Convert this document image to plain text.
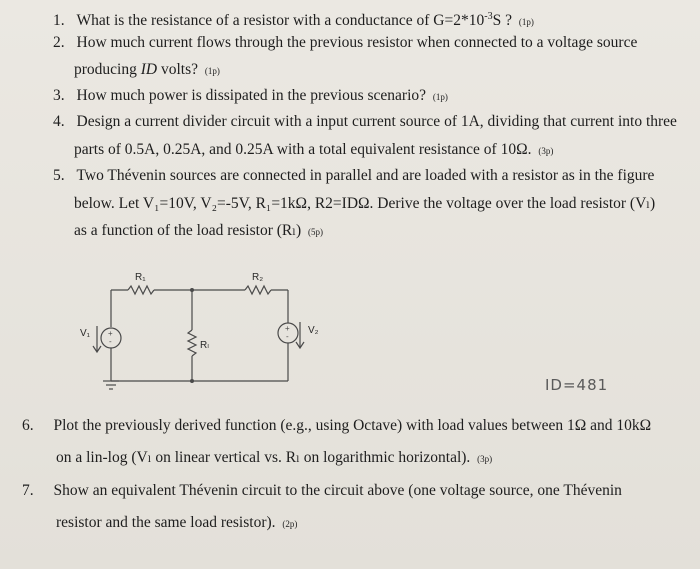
1. What is the resistance of a resistor with a conductance of $G=2*10^{-3}S$ ? (1p)
2. How much current flows through the previous resistor when connected to a voltage source
producing ID volts? (1p)
3. How much power is dissipated in the previous scenario? (1p)
4. Design a current divider circuit with a input current source of 1A, dividing that current into three
parts of 0.5A, 0.25A, and 0.25A with a total equivalent resistance of 10Ω. (3p)
5. Two Thévenin sources are connected in parallel and are loaded with a resistor as in the figure
below. Let V₁=10V, V₂=-5V, R₁=1kΩ, R2=IDΩ. Derive the voltage over the load resistor (Vₗ)
as a function of the load resistor (Rₗ) (5p)
+
-
+
-
R₁	R₂
Rₗ
V₁	V₂
ID=481
6. Plot the previously derived function (e.g., using Octave) with load values between 1Ω and 10kΩ
on a lin-log (Vₗ on linear vertical vs. Rₗ on logarithmic horizontal). (3p)
7. Show an equivalent Thévenin circuit to the circuit above (one voltage source, one Thévenin
resistor and the same load resistor). (2p)
